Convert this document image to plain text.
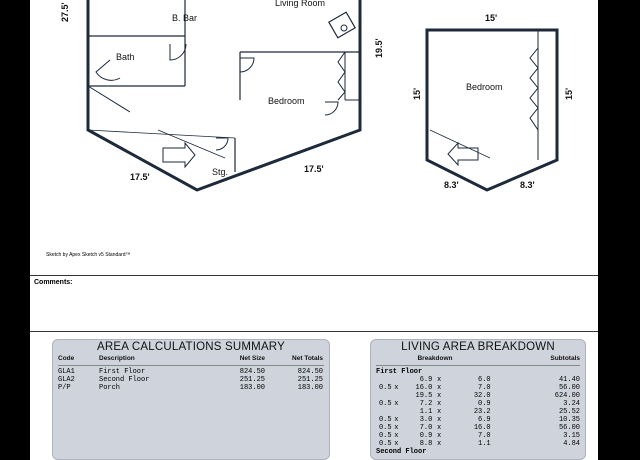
Living Room
B. Bar
Bath
Bedroom
Stg.
Bedroom
27.5'
19.5'
17.5'
17.5'
15'
15'	15'
8.3'	8.3'
Sketch by Apex Sketch v5 Standard™
Comments:
AREA CALCULATIONS SUMMARY
Code	Description	Net Size	Net Totals
GLA1	First Floor	824.50	824.50
GLA2	Second Floor	251.25	251.25
P/P	Porch	183.00	183.00
LIVING AREA BREAKDOWN
Breakdown	Subtotals
First Floor
6.9 x	6.0	41.40
0.5 x	16.0 x	7.0	56.00
19.5 x	32.0	624.00
0.5 x	7.2 x	0.9	3.24
1.1 x	23.2	25.52
0.5 x	3.0 x	6.9	10.35
0.5 x	7.0 x	16.0	56.00
0.5 x	0.9 x	7.0	3.15
0.5 x	8.8 x	1.1	4.84
Second Floor
